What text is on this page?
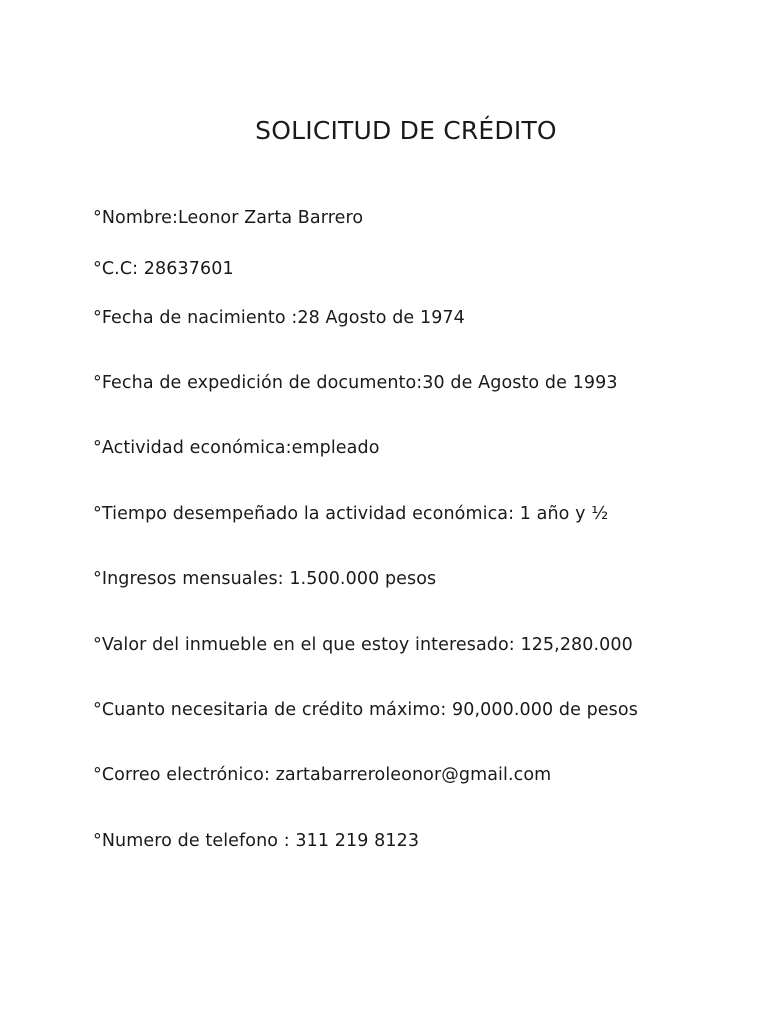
SOLICITUD DE CRÉDITO

°Nombre:Leonor Zarta Barrero

°C.C: 28637601

°Fecha de nacimiento :28 Agosto de 1974

°Fecha de expedición de documento:30 de Agosto de 1993

°Actividad económica:empleado

°Tiempo desempeñado la actividad económica: 1 año y ½

°Ingresos mensuales: 1.500.000 pesos

°Valor del inmueble en el que estoy interesado: 125,280.000

°Cuanto necesitaria de crédito máximo: 90,000.000 de pesos

°Correo electrónico: zartabarreroleonor@gmail.com

°Numero de telefono : 311 219 8123
